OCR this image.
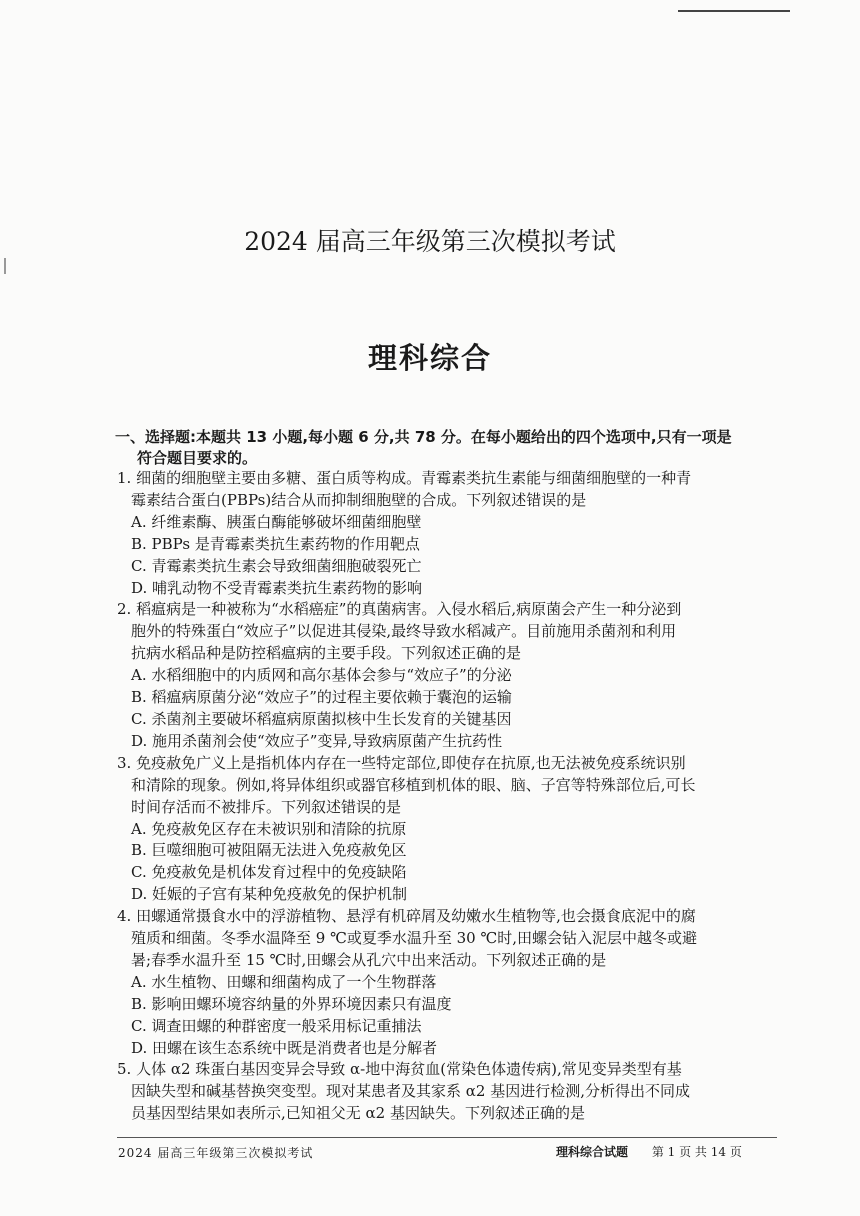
2024 届高三年级第三次模拟考试
理科综合
一、选择题:本题共 13 小题,每小题 6 分,共 78 分。在每小题给出的四个选项中,只有一项是
符合题目要求的。
1. 细菌的细胞壁主要由多糖、蛋白质等构成。青霉素类抗生素能与细菌细胞壁的一种青
霉素结合蛋白(PBPs)结合从而抑制细胞壁的合成。下列叙述错误的是
A. 纤维素酶、胰蛋白酶能够破坏细菌细胞壁
B. PBPs 是青霉素类抗生素药物的作用靶点
C. 青霉素类抗生素会导致细菌细胞破裂死亡
D. 哺乳动物不受青霉素类抗生素药物的影响
2. 稻瘟病是一种被称为“水稻癌症”的真菌病害。入侵水稻后,病原菌会产生一种分泌到
胞外的特殊蛋白“效应子”以促进其侵染,最终导致水稻减产。目前施用杀菌剂和利用
抗病水稻品种是防控稻瘟病的主要手段。下列叙述正确的是
A. 水稻细胞中的内质网和高尔基体会参与“效应子”的分泌
B. 稻瘟病原菌分泌“效应子”的过程主要依赖于囊泡的运输
C. 杀菌剂主要破坏稻瘟病原菌拟核中生长发育的关键基因
D. 施用杀菌剂会使“效应子”变异,导致病原菌产生抗药性
3. 免疫赦免广义上是指机体内存在一些特定部位,即使存在抗原,也无法被免疫系统识别
和清除的现象。例如,将异体组织或器官移植到机体的眼、脑、子宫等特殊部位后,可长
时间存活而不被排斥。下列叙述错误的是
A. 免疫赦免区存在未被识别和清除的抗原
B. 巨噬细胞可被阻隔无法进入免疫赦免区
C. 免疫赦免是机体发育过程中的免疫缺陷
D. 妊娠的子宫有某种免疫赦免的保护机制
4. 田螺通常摄食水中的浮游植物、悬浮有机碎屑及幼嫩水生植物等,也会摄食底泥中的腐
殖质和细菌。冬季水温降至 9 ℃或夏季水温升至 30 ℃时,田螺会钻入泥层中越冬或避
暑;春季水温升至 15 ℃时,田螺会从孔穴中出来活动。下列叙述正确的是
A. 水生植物、田螺和细菌构成了一个生物群落
B. 影响田螺环境容纳量的外界环境因素只有温度
C. 调查田螺的种群密度一般采用标记重捕法
D. 田螺在该生态系统中既是消费者也是分解者
5. 人体 α2 珠蛋白基因变异会导致 α-地中海贫血(常染色体遗传病),常见变异类型有基
因缺失型和碱基替换突变型。现对某患者及其家系 α2 基因进行检测,分析得出不同成
员基因型结果如表所示,已知祖父无 α2 基因缺失。下列叙述正确的是
2024 届高三年级第三次模拟考试	理科综合试题 第 1 页 共 14 页
